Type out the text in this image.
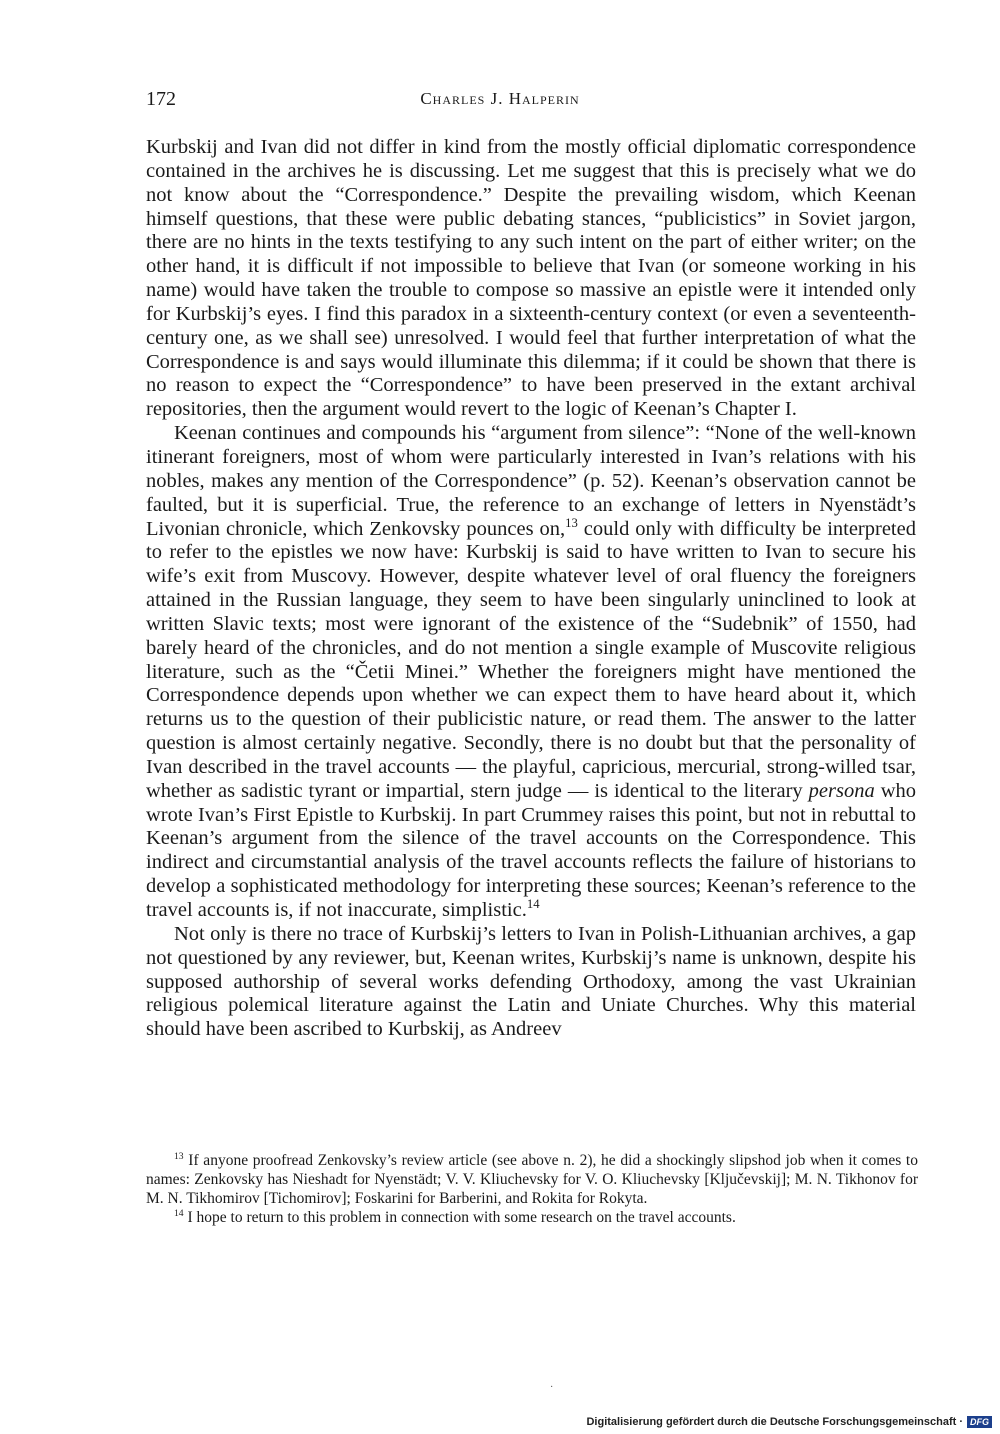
172	Charles J. Halperin

Kurbskij and Ivan did not differ in kind from the mostly official diplomatic correspondence contained in the archives he is discussing. Let me suggest that this is precisely what we do not know about the “Correspondence.” Despite the prevailing wisdom, which Keenan himself questions, that these were public debating stances, “publicistics” in Soviet jargon, there are no hints in the texts testifying to any such intent on the part of either writer; on the other hand, it is difficult if not impossible to believe that Ivan (or someone working in his name) would have taken the trouble to compose so massive an epistle were it intended only for Kurbskij’s eyes. I find this paradox in a sixteenth-century context (or even a seventeenth-century one, as we shall see) unresolved. I would feel that further interpretation of what the Correspondence is and says would illuminate this dilemma; if it could be shown that there is no reason to expect the “Correspondence” to have been preserved in the extant archival repositories, then the argument would revert to the logic of Keenan’s Chapter I.

Keenan continues and compounds his “argument from silence”: “None of the well-known itinerant foreigners, most of whom were particularly interested in Ivan’s relations with his nobles, makes any mention of the Correspondence” (p. 52). Keenan’s observation cannot be faulted, but it is superficial. True, the reference to an exchange of letters in Nyenstädt’s Livonian chronicle, which Zenkovsky pounces on,$^{13}$ could only with difficulty be interpreted to refer to the epistles we now have: Kurbskij is said to have written to Ivan to secure his wife’s exit from Muscovy. However, despite whatever level of oral fluency the foreigners attained in the Russian language, they seem to have been singularly uninclined to look at written Slavic texts; most were ignorant of the existence of the “Sudebnik” of 1550, had barely heard of the chronicles, and do not mention a single example of Muscovite religious literature, such as the “Četii Minei.” Whether the foreigners might have mentioned the Correspondence depends upon whether we can expect them to have heard about it, which returns us to the question of their publicistic nature, or read them. The answer to the latter question is almost certainly negative. Secondly, there is no doubt but that the personality of Ivan described in the travel accounts — the playful, capricious, mercurial, strong-willed tsar, whether as sadistic tyrant or impartial, stern judge — is identical to the literary persona who wrote Ivan’s First Epistle to Kurbskij. In part Crummey raises this point, but not in rebuttal to Keenan’s argument from the silence of the travel accounts on the Correspondence. This indirect and circumstantial analysis of the travel accounts reflects the failure of historians to develop a sophisticated methodology for interpreting these sources; Keenan’s reference to the travel accounts is, if not inaccurate, simplistic.$^{14}$

Not only is there no trace of Kurbskij’s letters to Ivan in Polish-Lithuanian archives, a gap not questioned by any reviewer, but, Keenan writes, Kurbskij’s name is unknown, despite his supposed authorship of several works defending Orthodoxy, among the vast Ukrainian religious polemical literature against the Latin and Uniate Churches. Why this material should have been ascribed to Kurbskij, as Andreev

$^{13}$ If anyone proofread Zenkovsky’s review article (see above n. 2), he did a shockingly slipshod job when it comes to names: Zenkovsky has Nieshadt for Nyenstädt; V. V. Kliuchevsky for V. O. Kliuchevsky [Ključevskij]; M. N. Tikhonov for M. N. Tikhomirov [Tichomirov]; Foskarini for Barberini, and Rokita for Rokyta.

$^{14}$ I hope to return to this problem in connection with some research on the travel accounts.

·
Digitalisierung gefördert durch die Deutsche Forschungsgemeinschaft · DFG
